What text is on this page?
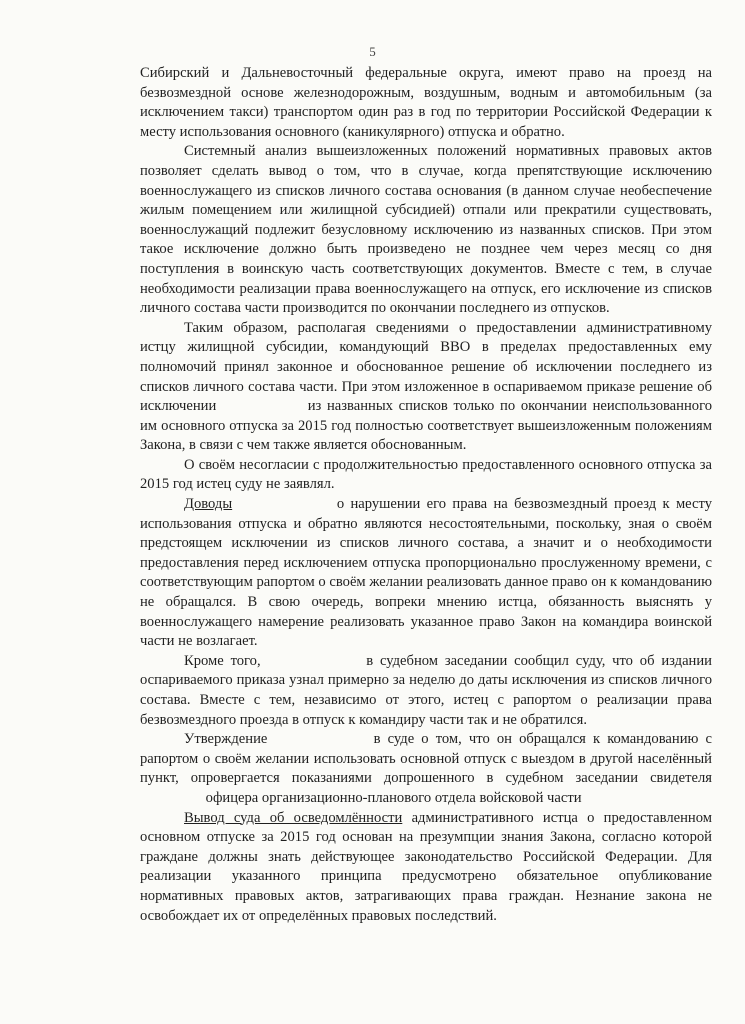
5

Сибирский и Дальневосточный федеральные округа, имеют право на проезд на безвозмездной основе железнодорожным, воздушным, водным и автомобильным (за исключением такси) транспортом один раз в год по территории Российской Федерации к месту использования основного (каникулярного) отпуска и обратно.

Системный анализ вышеизложенных положений нормативных правовых актов позволяет сделать вывод о том, что в случае, когда препятствующие исключению военнослужащего из списков личного состава основания (в данном случае необеспечение жилым помещением или жилищной субсидией) отпали или прекратили существовать, военнослужащий подлежит безусловному исключению из названных списков. При этом такое исключение должно быть произведено не позднее чем через месяц со дня поступления в воинскую часть соответствующих документов. Вместе с тем, в случае необходимости реализации права военнослужащего на отпуск, его исключение из списков личного состава части производится по окончании последнего из отпусков.

Таким образом, располагая сведениями о предоставлении административному истцу жилищной субсидии, командующий ВВО в пределах предоставленных ему полномочий принял законное и обоснованное решение об исключении последнего из списков личного состава части. При этом изложенное в оспариваемом приказе решение об исключении	из названных списков только по окончании неиспользованного им основного отпуска за 2015 год полностью соответствует вышеизложенным положениям Закона, в связи с чем также является обоснованным.

О своём несогласии с продолжительностью предоставленного основного отпуска за 2015 год истец суду не заявлял.

Доводы	о нарушении его права на безвозмездный проезд к месту использования отпуска и обратно являются несостоятельными, поскольку, зная о своём предстоящем исключении из списков личного состава, а значит и о необходимости предоставления перед исключением отпуска пропорционально прослуженному времени, с соответствующим рапортом о своём желании реализовать данное право он к командованию не обращался. В свою очередь, вопреки мнению истца, обязанность выяснять у военнослужащего намерение реализовать указанное право Закон на командира воинской части не возлагает.

Кроме того,	в судебном заседании сообщил суду, что об издании оспариваемого приказа узнал примерно за неделю до даты исключения из списков личного состава. Вместе с тем, независимо от этого, истец с рапортом о реализации права безвозмездного проезда в отпуск к командиру части так и не обратился.

Утверждение	в суде о том, что он обращался к командованию с рапортом о своём желании использовать основной отпуск с выездом в другой населённый пункт, опровергается показаниями допрошенного в судебном заседании свидетеля  офицера организационно-планового отдела войсковой части

Вывод суда об осведомлённости административного истца о предоставленном основном отпуске за 2015 год основан на презумпции знания Закона, согласно которой граждане должны знать действующее законодательство Российской Федерации. Для реализации указанного принципа предусмотрено обязательное опубликование нормативных правовых актов, затрагивающих права граждан. Незнание закона не освобождает их от определённых правовых последствий.
